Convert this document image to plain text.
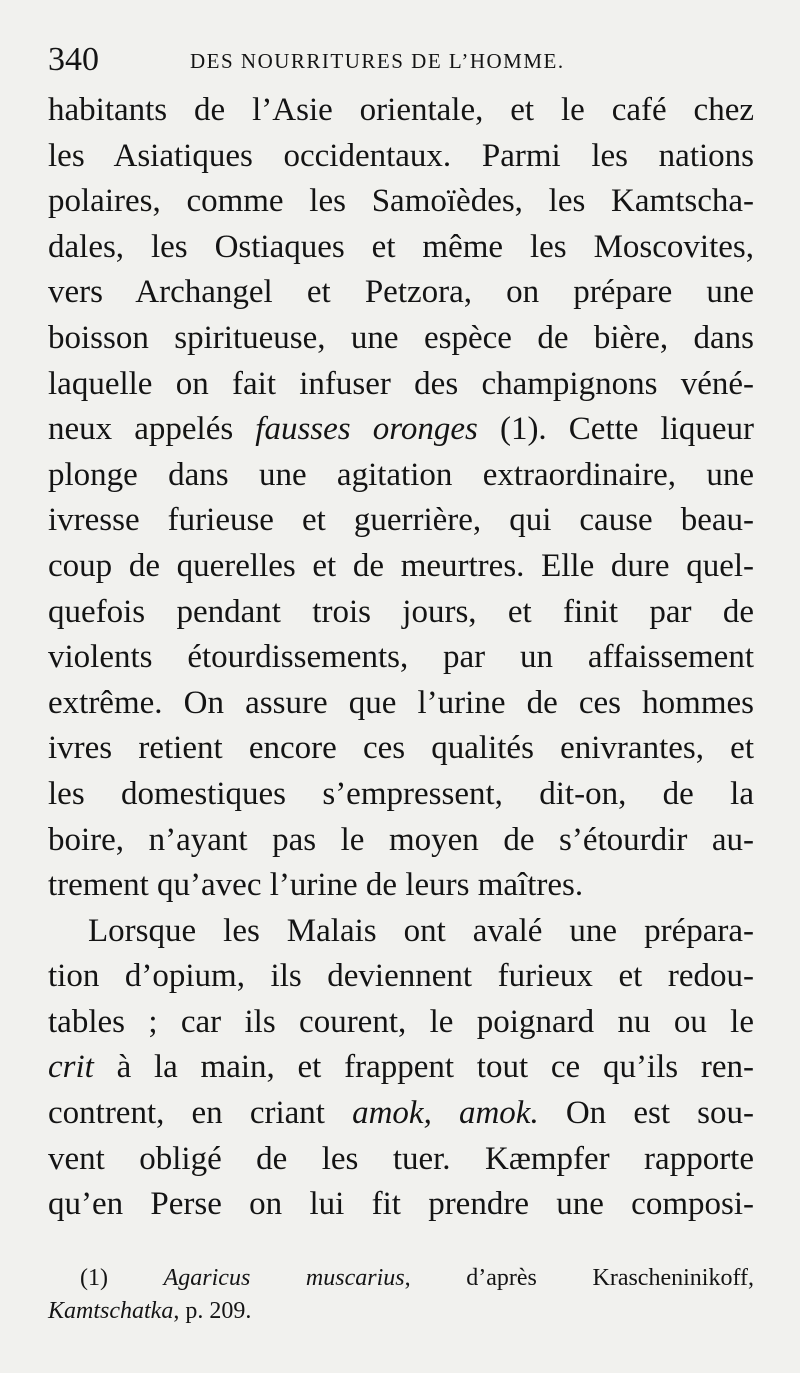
340	DES NOURRITURES DE L’HOMME.
habitants de l’Asie orientale, et le café chez
les Asiatiques occidentaux. Parmi les nations
polaires, comme les Samoïèdes, les Kamtscha-
dales, les Ostiaques et même les Moscovites,
vers Archangel et Petzora, on prépare une
boisson spiritueuse, une espèce de bière, dans
laquelle on fait infuser des champignons véné-
neux appelés fausses oronges (1). Cette liqueur
plonge dans une agitation extraordinaire, une
ivresse furieuse et guerrière, qui cause beau-
coup de querelles et de meurtres. Elle dure quel-
quefois pendant trois jours, et finit par de
violents étourdissements, par un affaissement
extrême. On assure que l’urine de ces hommes
ivres retient encore ces qualités enivrantes, et
les domestiques s’empressent, dit-on, de la
boire, n’ayant pas le moyen de s’étourdir au-
trement qu’avec l’urine de leurs maîtres.
Lorsque les Malais ont avalé une prépara-
tion d’opium, ils deviennent furieux et redou-
tables ; car ils courent, le poignard nu ou le
crit à la main, et frappent tout ce qu’ils ren-
contrent, en criant amok, amok. On est sou-
vent obligé de les tuer. Kæmpfer rapporte
qu’en Perse on lui fit prendre une composi-
(1) Agaricus muscarius, d’après Krascheninikoff,
Kamtschatka, p. 209.
